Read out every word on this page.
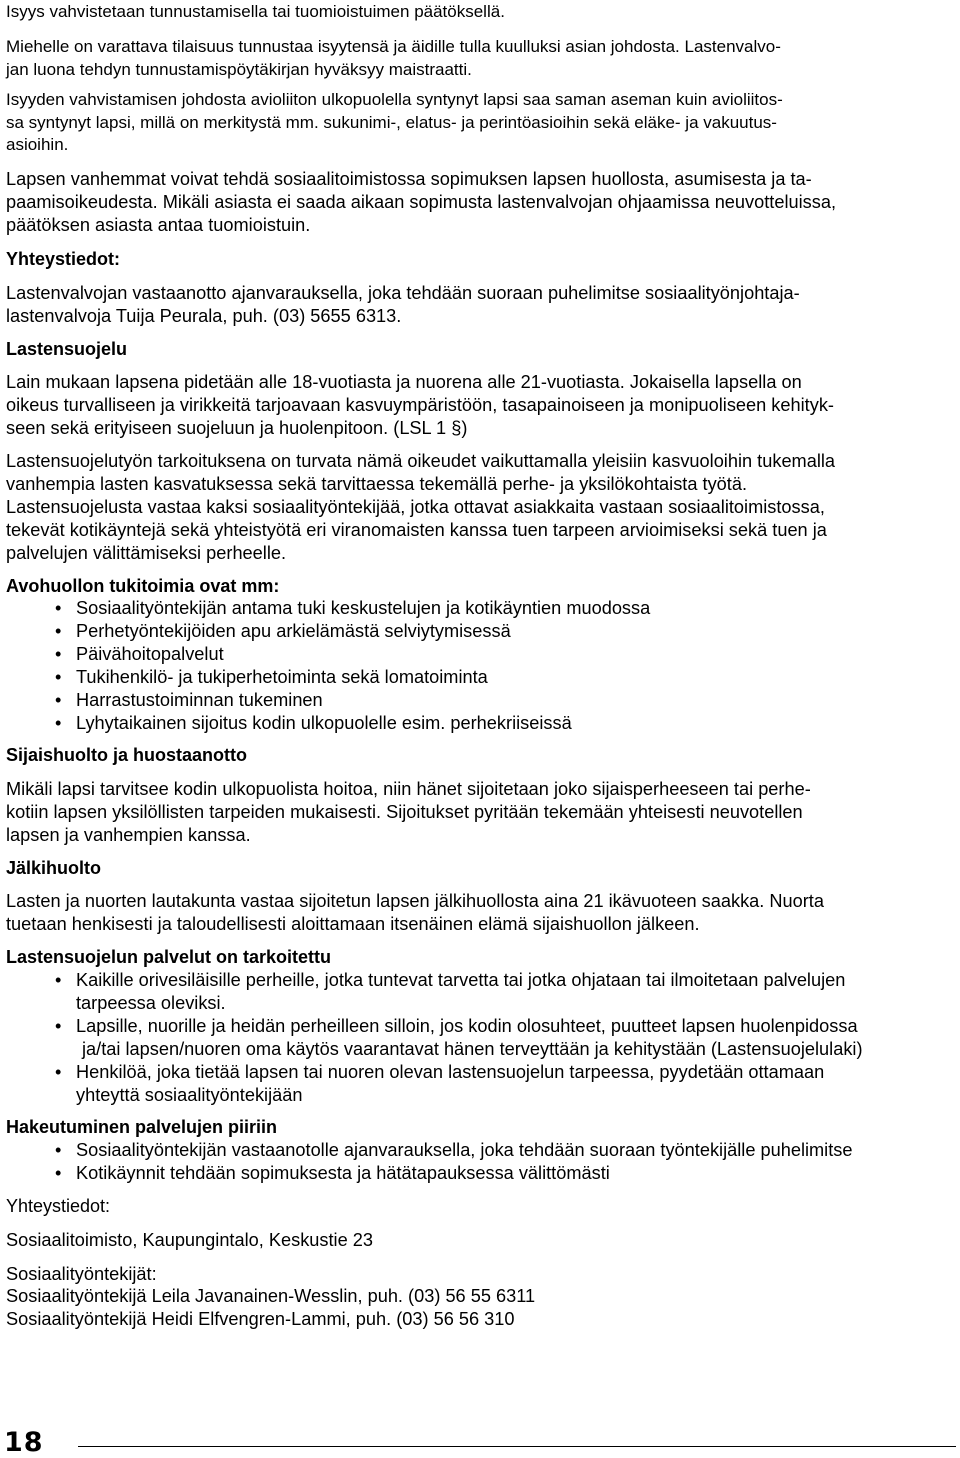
Isyys vahvistetaan tunnustamisella tai tuomioistuimen päätöksellä.

Miehelle on varattava tilaisuus tunnustaa isyytensä ja äidille tulla kuulluksi asian johdosta. Lastenvalvo-
jan luona tehdyn tunnustamispöytäkirjan hyväksyy maistraatti.

Isyyden vahvistamisen johdosta avioliiton ulkopuolella syntynyt lapsi saa saman aseman kuin avioliitos-
sa syntynyt lapsi, millä on merkitystä mm. sukunimi-, elatus- ja perintöasioihin sekä eläke- ja vakuutus-
asioihin.

Lapsen vanhemmat voivat tehdä sosiaalitoimistossa sopimuksen lapsen huollosta, asumisesta ja ta-
paamisoikeudesta. Mikäli asiasta ei saada aikaan sopimusta lastenvalvojan ohjaamissa neuvotteluissa,
päätöksen asiasta antaa tuomioistuin.

Yhteystiedot:

Lastenvalvojan vastaanotto ajanvarauksella, joka tehdään suoraan puhelimitse sosiaalityönjohtaja-
lastenvalvoja Tuija Peurala, puh. (03) 5655 6313.

Lastensuojelu

Lain mukaan lapsena pidetään alle 18-vuotiasta ja nuorena alle 21-vuotiasta. Jokaisella lapsella on
oikeus turvalliseen ja virikkeitä tarjoavaan kasvuympäristöön, tasapainoiseen ja monipuoliseen kehityk-
seen sekä erityiseen suojeluun ja huolenpitoon. (LSL 1 §)

Lastensuojelutyön tarkoituksena on turvata nämä oikeudet vaikuttamalla yleisiin kasvuoloihin tukemalla
vanhempia lasten kasvatuksessa sekä tarvittaessa tekemällä perhe- ja yksilökohtaista työtä.
Lastensuojelusta vastaa kaksi sosiaalityöntekijää, jotka ottavat asiakkaita vastaan sosiaalitoimistossa,
tekevät kotikäyntejä sekä yhteistyötä eri viranomaisten kanssa tuen tarpeen arvioimiseksi sekä tuen ja
palvelujen välittämiseksi perheelle.

Avohuollon tukitoimia ovat mm:
• Sosiaalityöntekijän antama tuki keskustelujen ja kotikäyntien muodossa
• Perhetyöntekijöiden apu arkielämästä selviytymisessä
• Päivähoitopalvelut
• Tukihenkilö- ja tukiperhetoiminta sekä lomatoiminta
• Harrastustoiminnan tukeminen
• Lyhytaikainen sijoitus kodin ulkopuolelle esim. perhekriiseissä
Sijaishuolto ja huostaanotto

Mikäli lapsi tarvitsee kodin ulkopuolista hoitoa, niin hänet sijoitetaan joko sijaisperheeseen tai perhe-
kotiin lapsen yksilöllisten tarpeiden mukaisesti. Sijoitukset pyritään tekemään yhteisesti neuvotellen
lapsen ja vanhempien kanssa.

Jälkihuolto

Lasten ja nuorten lautakunta vastaa sijoitetun lapsen jälkihuollosta aina 21 ikävuoteen saakka. Nuorta
tuetaan henkisesti ja taloudellisesti aloittamaan itsenäinen elämä sijaishuollon jälkeen.

Lastensuojelun palvelut on tarkoitettu
• Kaikille orivesiläisille perheille, jotka tuntevat tarvetta tai jotka ohjataan tai ilmoitetaan palvelujen
tarpeessa oleviksi.
• Lapsille, nuorille ja heidän perheilleen silloin, jos kodin olosuhteet, puutteet lapsen huolenpidossa
ja/tai lapsen/nuoren oma käytös vaarantavat hänen terveyttään ja kehitystään (Lastensuojelulaki)
• Henkilöä, joka tietää lapsen tai nuoren olevan lastensuojelun tarpeessa, pyydetään ottamaan
yhteyttä sosiaalityöntekijään
Hakeutuminen palvelujen piiriin
• Sosiaalityöntekijän vastaanotolle ajanvarauksella, joka tehdään suoraan työntekijälle puhelimitse
• Kotikäynnit tehdään sopimuksesta ja hätätapauksessa välittömästi
Yhteystiedot:

Sosiaalitoimisto, Kaupungintalo, Keskustie 23

Sosiaalityöntekijät:

Sosiaalityöntekijä Leila Javanainen-Wesslin, puh. (03) 56 55 6311
Sosiaalityöntekijä Heidi Elfvengren-Lammi, puh. (03) 56 56 310

18
